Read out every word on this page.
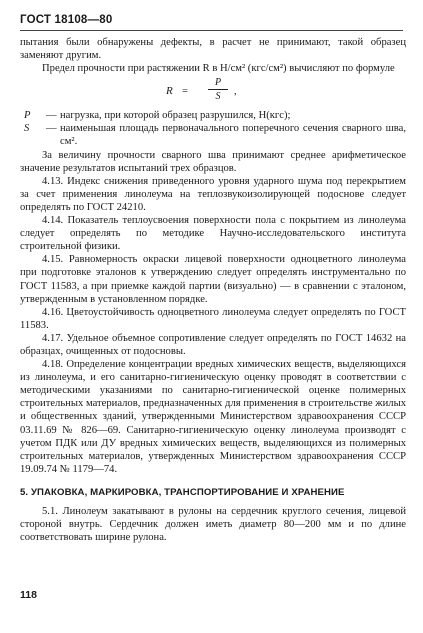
ГОСТ 18108—80

пытания были обнаружены дефекты, в расчет не принимают, такой образец заменяют другим.

Предел прочности при растяжении R в Н/см² (кгс/см²) вычисляют по формуле

R =
P
S	,
P	— нагрузка, при которой образец разрушился, Н(кгс);
S	— наименьшая площадь первоначального поперечного сечения сварного шва, см².

За величину прочности сварного шва принимают среднее арифметическое значение результатов испытаний трех образцов.

4.13. Индекс снижения приведенного уровня ударного шума под перекрытием за счет применения линолеума на теплозвукоизолирующей подоснове следует определять по ГОСТ 24210.

4.14. Показатель теплоусвоения поверхности пола с покрытием из линолеума следует определять по методике Научно-исследовательского института строительной физики.

4.15. Равномерность окраски лицевой поверхности одноцветного линолеума при подготовке эталонов к утверждению следует определять инструментально по ГОСТ 11583, а при приемке каждой партии (визуально) — в сравнении с эталоном, утвержденным в установленном порядке.

4.16. Цветоустойчивость одноцветного линолеума следует определять по ГОСТ 11583.

4.17. Удельное объемное сопротивление следует определять по ГОСТ 14632 на образцах, очищенных от подосновы.

4.18. Определение концентрации вредных химических веществ, выделяющихся из линолеума, и его санитарно-гигиеническую оценку проводят в соответствии с методическими указаниями по санитарно-гигиенической оценке полимерных строительных материалов, предназначенных для применения в строительстве жилых и общественных зданий, утвержденными Министерством здравоохранения СССР 03.11.69 № 826—69. Санитарно-гигиеническую оценку линолеума производят с учетом ПДК или ДУ вредных химических веществ, выделяющихся из полимерных строительных материалов, утвержденных Министерством здравоохранения СССР 19.09.74 № 1179—74.

5. УПАКОВКА, МАРКИРОВКА, ТРАНСПОРТИРОВАНИЕ И ХРАНЕНИЕ

5.1. Линолеум закатывают в рулоны на сердечник круглого сечения, лицевой стороной внутрь. Сердечник должен иметь диаметр 80—200 мм и по длине соответствовать ширине рулона.

118
